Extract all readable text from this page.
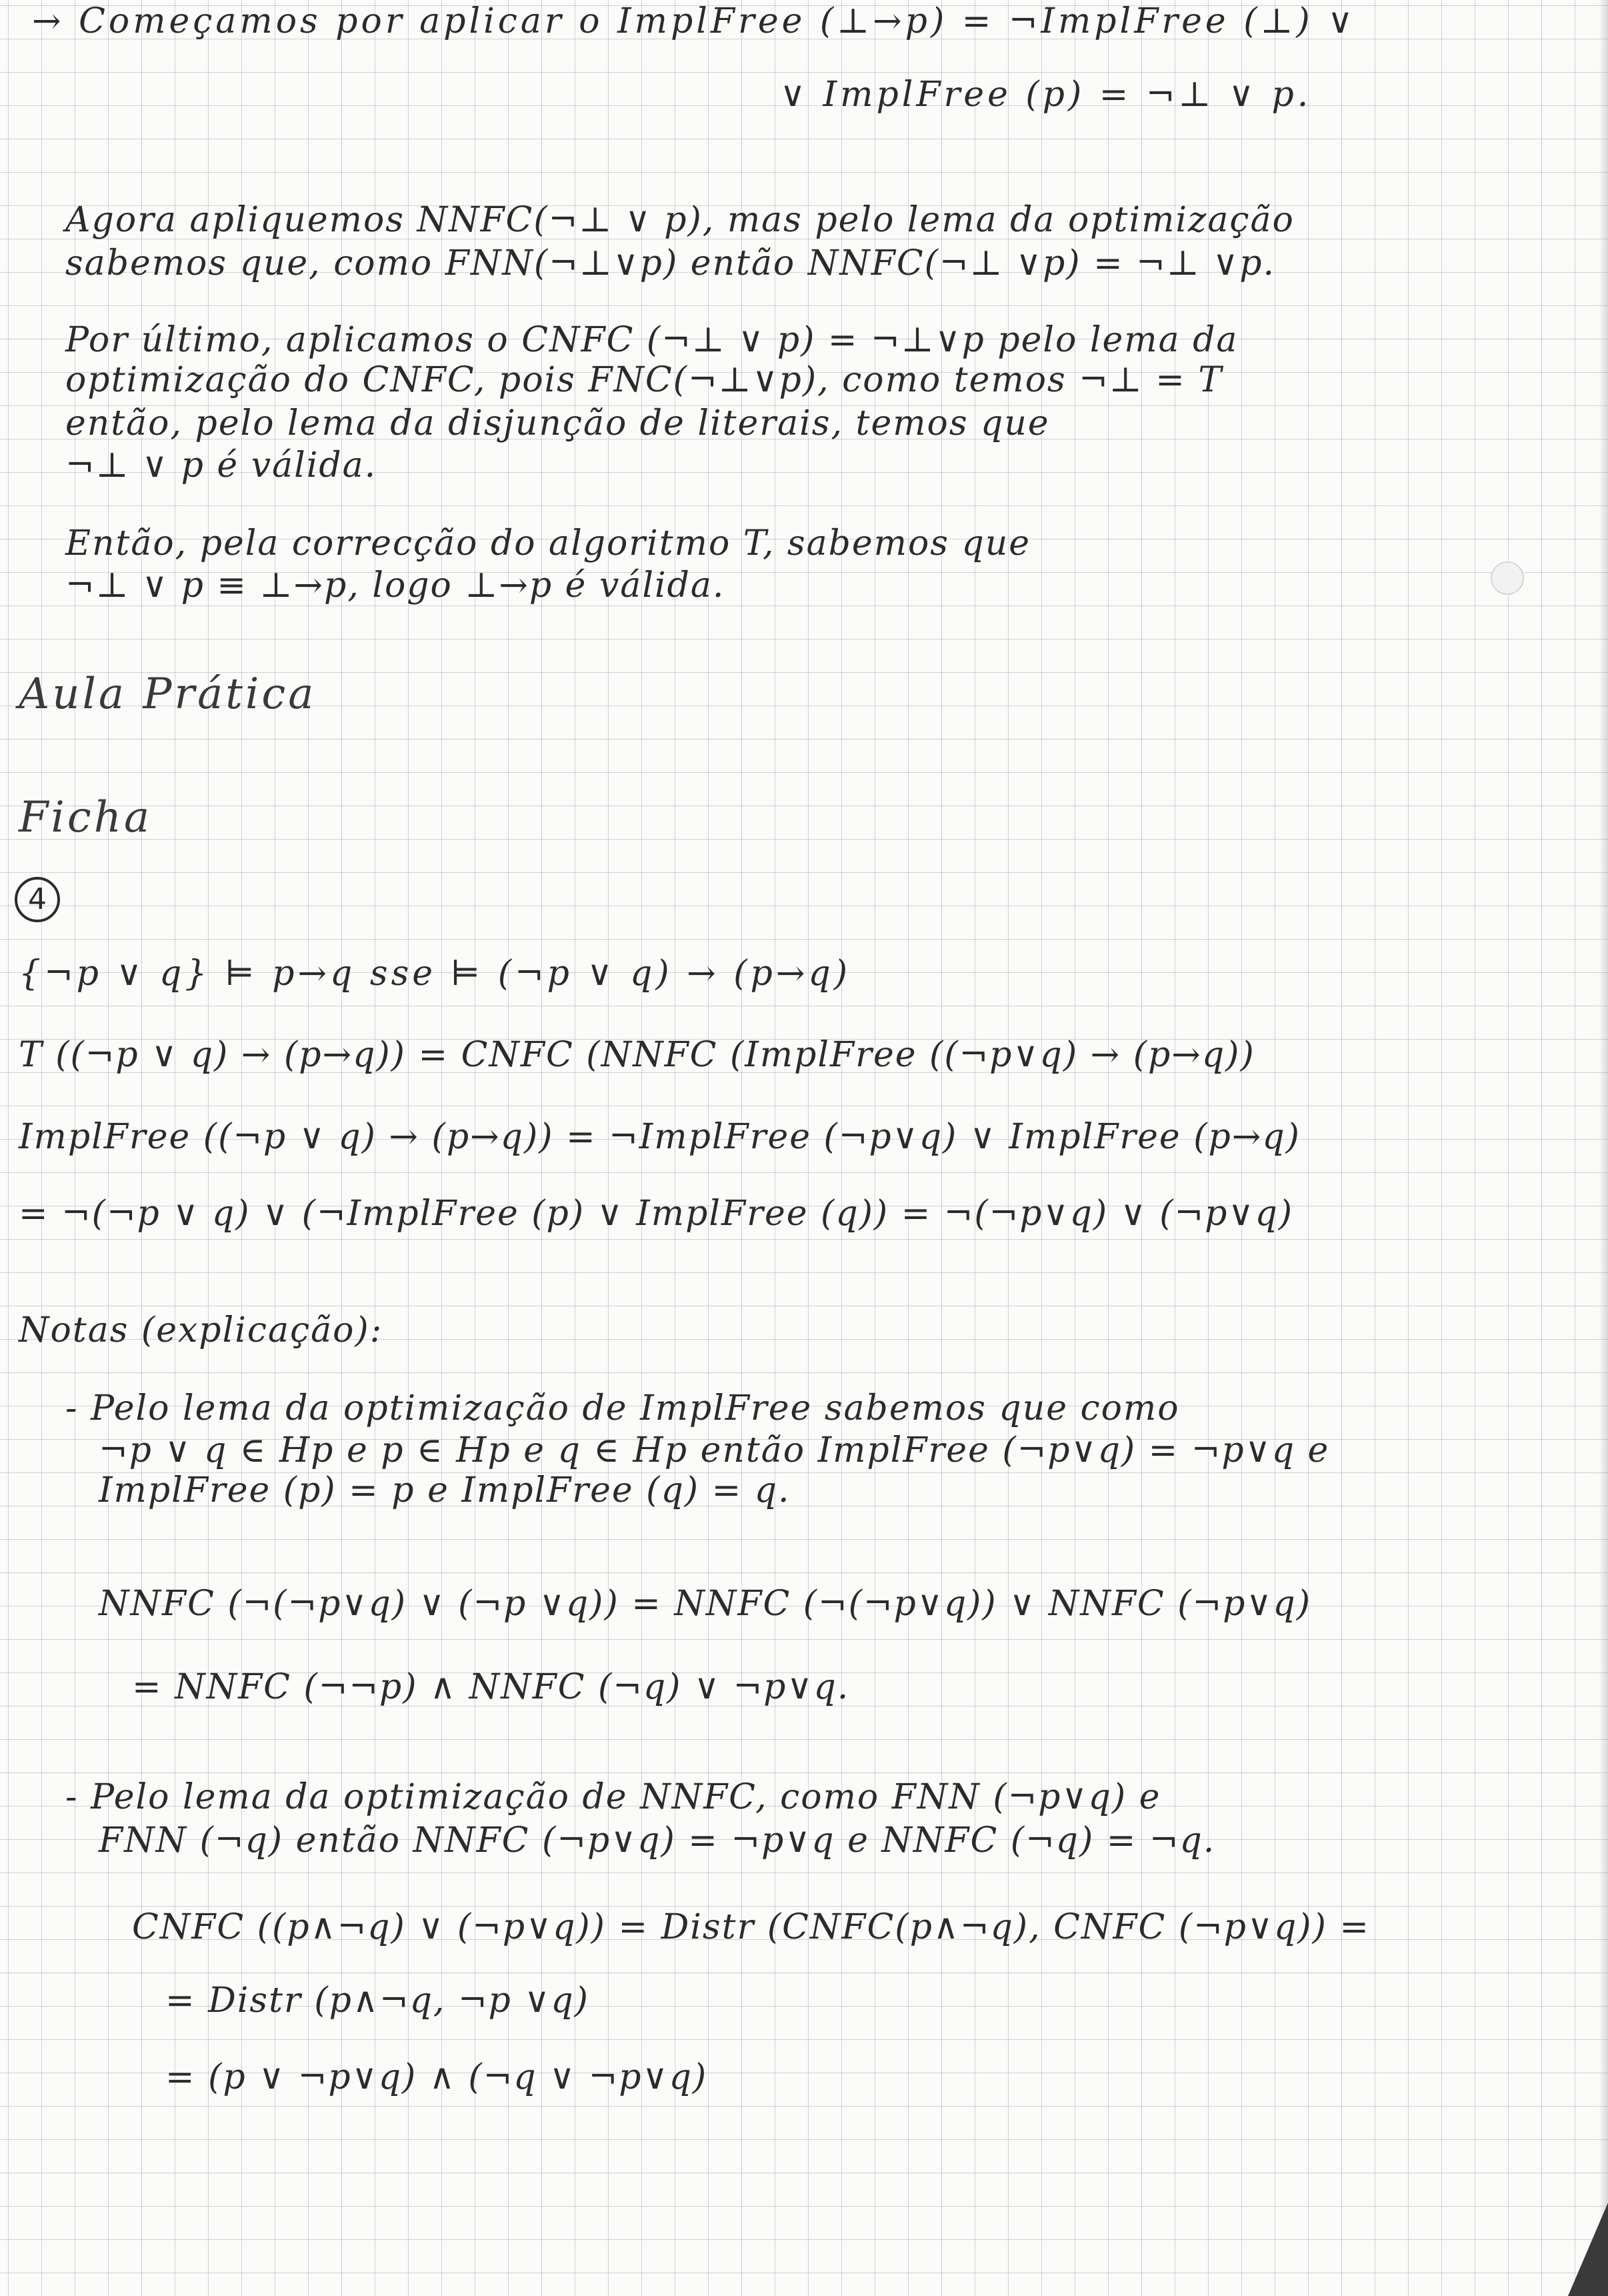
→ Começamos por aplicar o ImplFree (⊥→p) = ¬ImplFree (⊥) ∨
∨ ImplFree (p) = ¬⊥ ∨ p.
Agora apliquemos NNFC(¬⊥ ∨ p), mas pelo lema da optimização
sabemos que, como FNN(¬⊥∨p) então NNFC(¬⊥ ∨p) = ¬⊥ ∨p.
Por último, aplicamos o CNFC (¬⊥ ∨ p) = ¬⊥∨p pelo lema da
optimização do CNFC, pois FNC(¬⊥∨p), como temos ¬⊥ = T
então, pelo lema da disjunção de literais, temos que
¬⊥ ∨ p é válida.
Então, pela correcção do algoritmo T, sabemos que
¬⊥ ∨ p ≡ ⊥→p, logo ⊥→p é válida.
Aula Prática
Ficha
4
{¬p ∨ q} ⊨ p→q sse ⊨ (¬p ∨ q) → (p→q)
T ((¬p ∨ q) → (p→q)) = CNFC (NNFC (ImplFree ((¬p∨q) → (p→q))
ImplFree ((¬p ∨ q) → (p→q)) = ¬ImplFree (¬p∨q) ∨ ImplFree (p→q)
= ¬(¬p ∨ q) ∨ (¬ImplFree (p) ∨ ImplFree (q)) = ¬(¬p∨q) ∨ (¬p∨q)
Notas (explicação):
- Pelo lema da optimização de ImplFree sabemos que como
¬p ∨ q ∈ Hp e p ∈ Hp e q ∈ Hp então ImplFree (¬p∨q) = ¬p∨q e
ImplFree (p) = p e ImplFree (q) = q.
NNFC (¬(¬p∨q) ∨ (¬p ∨q)) = NNFC (¬(¬p∨q)) ∨ NNFC (¬p∨q)
= NNFC (¬¬p) ∧ NNFC (¬q) ∨ ¬p∨q.
- Pelo lema da optimização de NNFC, como FNN (¬p∨q) e
FNN (¬q) então NNFC (¬p∨q) = ¬p∨q e NNFC (¬q) = ¬q.
CNFC ((p∧¬q) ∨ (¬p∨q)) = Distr (CNFC(p∧¬q), CNFC (¬p∨q)) =
= Distr (p∧¬q, ¬p ∨q)
= (p ∨ ¬p∨q) ∧ (¬q ∨ ¬p∨q)
